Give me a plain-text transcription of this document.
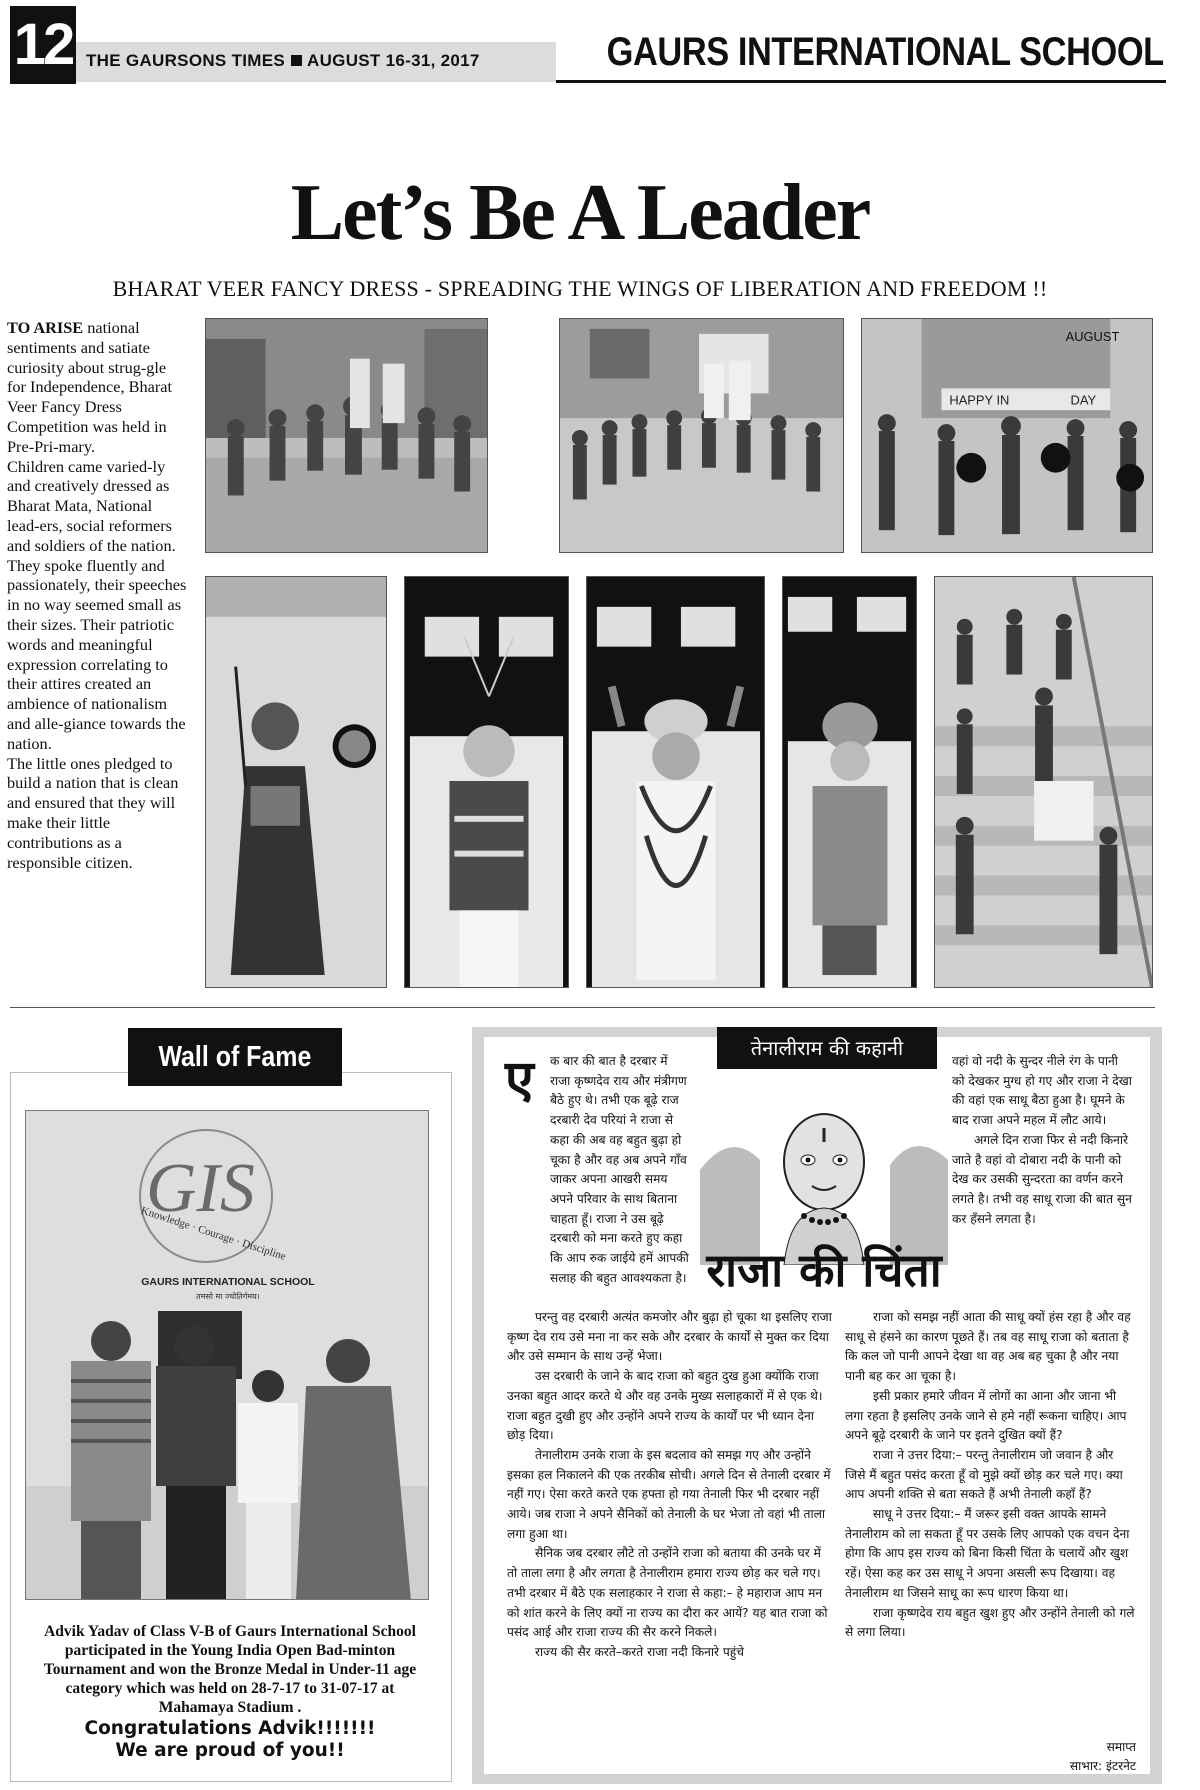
12 THE GAURSONS TIMES AUGUST 16-31, 2017	GAURS INTERNATIONAL SCHOOL
Let’s Be A Leader
BHARAT VEER FANCY DRESS - SPREADING THE WINGS OF LIBERATION AND FREEDOM !!

TO ARISE national sentiments and satiate curiosity about strug-gle for Independence, Bharat Veer Fancy Dress Competition was held in Pre-Pri-mary.

Children came varied-ly and creatively dressed as Bharat Mata, National lead-ers, social reformers and soldiers of the nation.

They spoke fluently and passionately, their speeches in no way seemed small as their sizes. Their patriotic words and meaningful expression correlating to their attires created an ambience of nationalism and alle-giance towards the nation.

The little ones pledged to build a nation that is clean and ensured that they will make their little contributions as a responsible citizen.

AUGUST
HAPPY IN	DAY
Wall of Fame
GIS
Knowledge · Courage · Discipline
GAURS INTERNATIONAL SCHOOL
तमसो मा ज्योतिर्गमय।
Advik Yadav of Class V-B of Gaurs International School participated in the Young India Open Bad-minton Tournament and won the Bronze Medal in Under-11 age category which was held on 28-7-17 to 31-07-17 at Mahamaya Stadium .
Congratulations Advik!!!!!!!
We are proud of you!!
तेनालीराम की कहानी
ए	क बार की बात है दरबार में राजा कृष्णदेव राय और मंत्रीगण बैठे हुए थे। तभी एक बूढ़े राज दरबारी देव परियां ने राजा से कहा की अब वह बहुत बुढ़ा हो चूका है और वह अब अपने गाँव जाकर अपना आखरी समय अपने परिवार के साथ बिताना चाहता हूँ। राजा ने उस बूढ़े दरबारी को मना करते हुए कहा कि आप रुक जाईये हमें आपकी सलाह की बहुत आवश्यकता है। राजा की चिंता

परन्तु वह दरबारी अत्यंत कमजोर और बुढ़ा हो चूका था इसलिए राजा कृष्ण देव राय उसे मना ना कर सके और दरबार के कार्यों से मुक्त कर दिया और उसे सम्मान के साथ उन्हें भेजा।

उस दरबारी के जाने के बाद राजा को बहुत दुख हुआ क्योंकि राजा उनका बहुत आदर करते थे और वह उनके मुख्य सलाहकारों में से एक थे। राजा बहुत दुखी हुए और उन्होंने अपने राज्य के कार्यों पर भी ध्यान देना छोड़ दिया।

तेनालीराम उनके राजा के इस बदलाव को समझ गए और उन्होंने इसका हल निकालने की एक तरकीब सोची। अगले दिन से तेनाली दरबार में नहीं गए। ऐसा करते करते एक हफ्ता हो गया तेनाली फिर भी दरबार नहीं आये। जब राजा ने अपने सैनिकों को तेनाली के घर भेजा तो वहां भी ताला लगा हुआ था।

सैनिक जब दरबार लौटे तो उन्होंने राजा को बताया की उनके घर में तो ताला लगा है और लगता है तेनालीराम हमारा राज्य छोड़ कर चले गए। तभी दरबार में बैठे एक सलाहकार ने राजा से कहा:– हे महाराज आप मन को शांत करने के लिए क्यों ना राज्य का दौरा कर आयें? यह बात राजा को पसंद आई और राजा राज्य की सैर करने निकले।

राज्य की सैर करते–करते राजा नदी किनारे पहुंचे

वहां वो नदी के सुन्दर नीले रंग के पानी को देखकर मुग्ध हो गए और राजा ने देखा की वहां एक साधू बैठा हुआ है। घूमने के बाद राजा अपने महल में लौट आये।

अगले दिन राजा फिर से नदी किनारे जाते है वहां वो दोबारा नदी के पानी को देख कर उसकी सुन्दरता का वर्णन करने लगते है। तभी वह साधू राजा की बात सुन कर हँसने लगता है।

राजा को समझ नहीं आता की साधू क्यों हंस रहा है और वह साधू से हंसने का कारण पूछते हैं। तब वह साधू राजा को बताता है कि कल जो पानी आपने देखा था वह अब बह चुका है और नया पानी बह कर आ चूका है।

इसी प्रकार हमारे जीवन में लोगों का आना और जाना भी लगा रहता है इसलिए उनके जाने से हमे नहीं रूकना चाहिए। आप अपने बूढ़े दरबारी के जाने पर इतने दुखित क्यों हैं?

राजा ने उत्तर दिया:– परन्तु तेनालीराम जो जवान है और जिसे मैं बहुत पसंद करता हूँ वो मुझे क्यों छोड़ कर चले गए। क्या आप अपनी शक्ति से बता सकते हैं अभी तेनाली कहाँ हैं?

साधू ने उत्तर दिया:– मैं जरूर इसी वक्त आपके सामने तेनालीराम को ला सकता हूँ पर उसके लिए आपको एक वचन देना होगा कि आप इस राज्य को बिना किसी चिंता के चलायें और खुश रहें। ऐसा कह कर उस साधू ने अपना असली रूप दिखाया। वह तेनालीराम था जिसने साधू का रूप धारण किया था।

राजा कृष्णदेव राय बहुत खुश हुए और उन्होंने तेनाली को गले से लगा लिया।

समाप्त
साभार: इंटरनेट
